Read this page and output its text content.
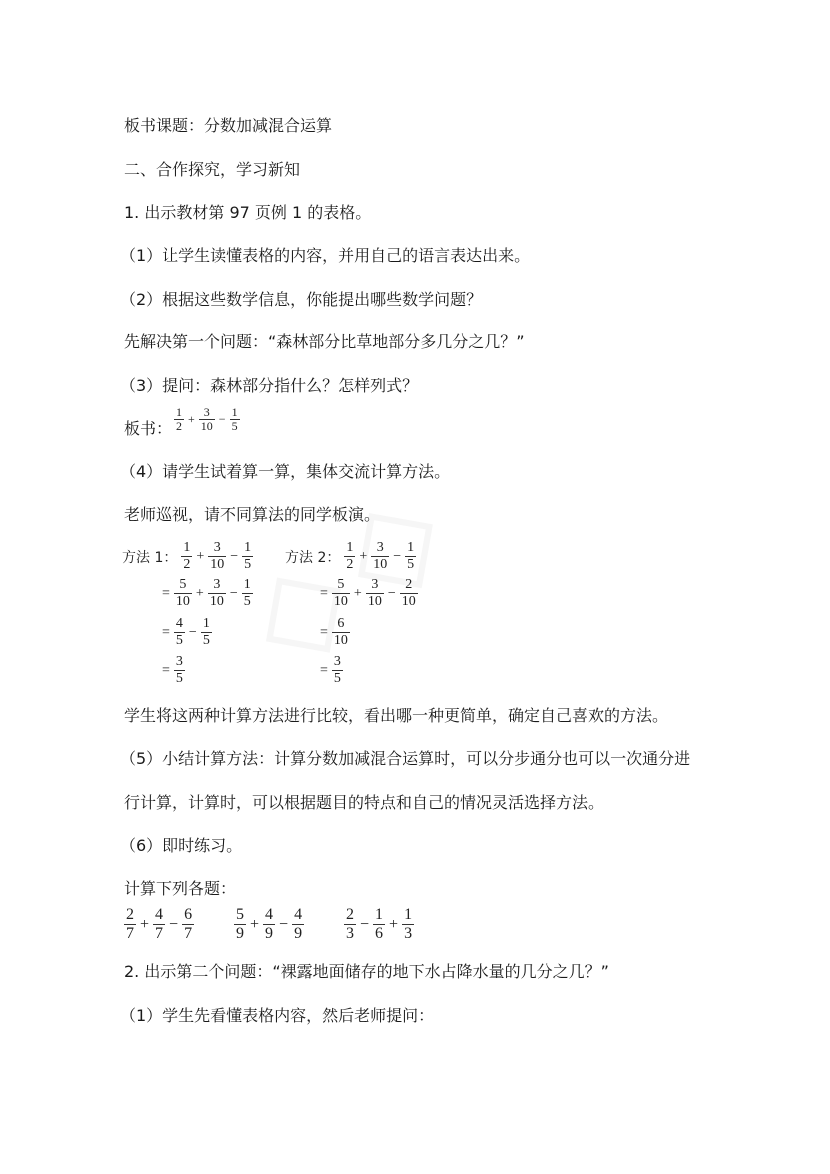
板书课题：分数加减混合运算
二、合作探究，学习新知
1. 出示教材第 97 页例 1 的表格。
（1）让学生读懂表格的内容，并用自己的语言表达出来。
（2）根据这些数学信息，你能提出哪些数学问题？
先解决第一个问题：“森林部分比草地部分多几分之几？”
（3）提问：森林部分指什么？怎样列式？
板书： $\frac{1}{2} + \frac{3}{10} - \frac{1}{5}$
（4）请学生试着算一算，集体交流计算方法。
老师巡视，请不同算法的同学板演。
方法 1： $\frac{1}{2} + \frac{3}{10} - \frac{1}{5}$
= $\frac{5}{10} + \frac{3}{10} - \frac{1}{5}$
= $\frac{4}{5} - \frac{1}{5}$
= $\frac{3}{5}$
方法 2： $\frac{1}{2} + \frac{3}{10} - \frac{1}{5}$
= $\frac{5}{10} + \frac{3}{10} - \frac{2}{10}$
= $\frac{6}{10}$
= $\frac{3}{5}$
学生将这两种计算方法进行比较，看出哪一种更简单，确定自己喜欢的方法。
（5）小结计算方法：计算分数加减混合运算时，可以分步通分也可以一次通分进
行计算，计算时，可以根据题目的特点和自己的情况灵活选择方法。
（6）即时练习。
计算下列各题：
$\frac{2}{7} + \frac{4}{7} - \frac{6}{7} \frac{5}{9} + \frac{4}{9} - \frac{4}{9} \frac{2}{3} - \frac{1}{6} + \frac{1}{3}$
2. 出示第二个问题：“裸露地面储存的地下水占降水量的几分之几？”
（1）学生先看懂表格内容，然后老师提问：
